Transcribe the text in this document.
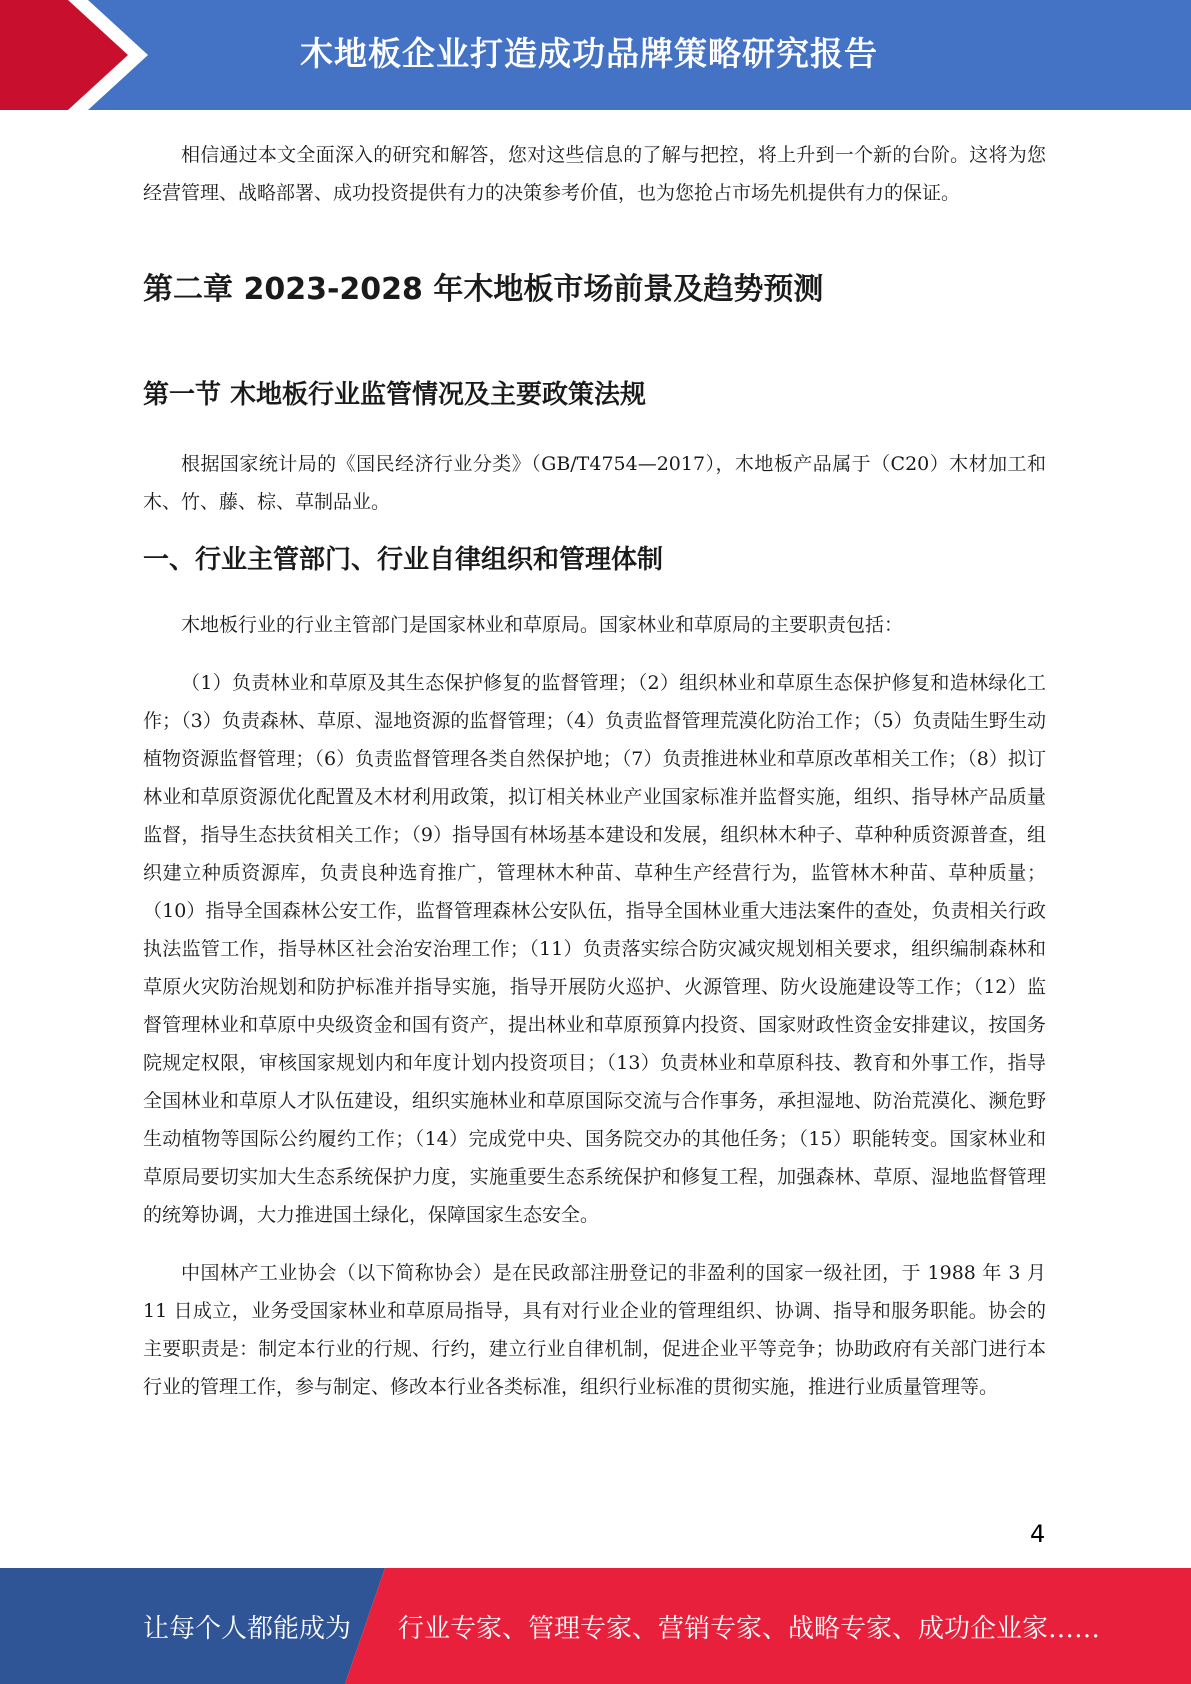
木地板企业打造成功品牌策略研究报告

相信通过本文全面深入的研究和解答，您对这些信息的了解与把控，将上升到一个新的台阶。这将为您经营管理、战略部署、成功投资提供有力的决策参考价值，也为您抢占市场先机提供有力的保证。

第二章 2023-2028 年木地板市场前景及趋势预测
第一节 木地板行业监管情况及主要政策法规

根据国家统计局的《国民经济行业分类》（GB/T4754—2017），木地板产品属于（C20）木材加工和木、竹、藤、棕、草制品业。

一、行业主管部门、行业自律组织和管理体制

木地板行业的行业主管部门是国家林业和草原局。国家林业和草原局的主要职责包括：

（1）负责林业和草原及其生态保护修复的监督管理；（2）组织林业和草原生态保护修复和造林绿化工作；（3）负责森林、草原、湿地资源的监督管理；（4）负责监督管理荒漠化防治工作；（5）负责陆生野生动植物资源监督管理；（6）负责监督管理各类自然保护地；（7）负责推进林业和草原改革相关工作；（8）拟订林业和草原资源优化配置及木材利用政策，拟订相关林业产业国家标准并监督实施，组织、指导林产品质量监督，指导生态扶贫相关工作；（9）指导国有林场基本建设和发展，组织林木种子、草种种质资源普查，组织建立种质资源库，负责良种选育推广，管理林木种苗、草种生产经营行为，监管林木种苗、草种质量；（10）指导全国森林公安工作，监督管理森林公安队伍，指导全国林业重大违法案件的查处，负责相关行政执法监管工作，指导林区社会治安治理工作；（11）负责落实综合防灾减灾规划相关要求，组织编制森林和草原火灾防治规划和防护标准并指导实施，指导开展防火巡护、火源管理、防火设施建设等工作；（12）监督管理林业和草原中央级资金和国有资产，提出林业和草原预算内投资、国家财政性资金安排建议，按国务院规定权限，审核国家规划内和年度计划内投资项目；（13）负责林业和草原科技、教育和外事工作，指导全国林业和草原人才队伍建设，组织实施林业和草原国际交流与合作事务，承担湿地、防治荒漠化、濒危野生动植物等国际公约履约工作；（14）完成党中央、国务院交办的其他任务；（15）职能转变。国家林业和草原局要切实加大生态系统保护力度，实施重要生态系统保护和修复工程，加强森林、草原、湿地监督管理的统筹协调，大力推进国土绿化，保障国家生态安全。

中国林产工业协会（以下简称协会）是在民政部注册登记的非盈利的国家一级社团，于 1988 年 3 月 11 日成立，业务受国家林业和草原局指导，具有对行业企业的管理组织、协调、指导和服务职能。协会的主要职责是：制定本行业的行规、行约，建立行业自律机制，促进企业平等竞争；协助政府有关部门进行本行业的管理工作，参与制定、修改本行业各类标准，组织行业标准的贯彻实施，推进行业质量管理等。

4
让每个人都能成为 行业专家、管理专家、营销专家、战略专家、成功企业家……
